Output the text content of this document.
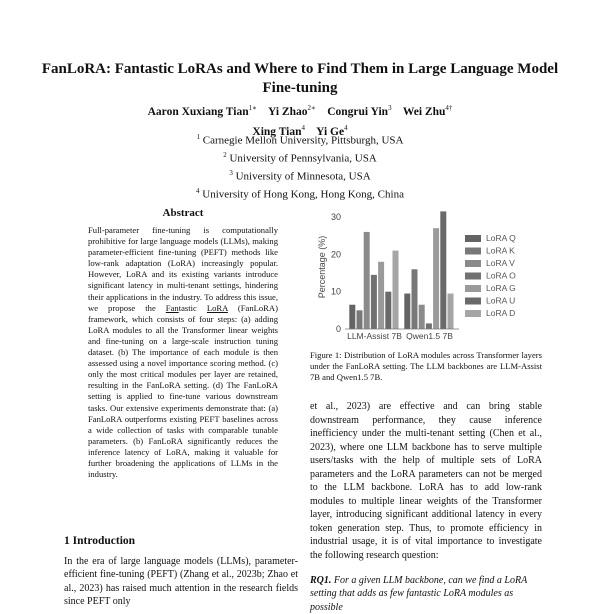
FanLoRA: Fantastic LoRAs and Where to Find Them in Large Language Model Fine-tuning
Aaron Xuxiang Tian$^{1∗}$ Yi Zhao$^{2∗}$ Congrui Yin$^3$ Wei Zhu$^{4\dagger}$
Xing Tian$^4$ Yi Ge$^4$
$^1$ Carnegie Mellon University, Pittsburgh, USA
$^2$ University of Pennsylvania, USA
$^3$ University of Minnesota, USA
$^4$ University of Hong Kong, Hong Kong, China
Abstract
Full-parameter fine-tuning is computationally prohibitive for large language models (LLMs), making parameter-efficient fine-tuning (PEFT) methods like low-rank adaptation (LoRA) increasingly popular. However, LoRA and its existing variants introduce significant latency in multi-tenant settings, hindering their applications in the industry. To address this issue, we propose the Fantastic LoRA (FanLoRA) framework, which consists of four steps: (a) adding LoRA modules to all the Transformer linear weights and fine-tuning on a large-scale instruction tuning dataset. (b) The importance of each module is then assessed using a novel importance scoring method. (c) only the most critical modules per layer are retained, resulting in the FanLoRA setting. (d) The FanLoRA setting is applied to fine-tune various downstream tasks. Our extensive experiments demonstrate that: (a) FanLoRA outperforms existing PEFT baselines across a wide collection of tasks with comparable tunable parameters. (b) FanLoRA significantly reduces the inference latency of LoRA, making it valuable for further broadening the applications of LLMs in the industry.
1 Introduction
In the era of large language models (LLMs), parameter-efficient fine-tuning (PEFT) (Zhang et al., 2023b; Zhao et al., 2023) has raised much attention in the research fields since PEFT only
Percentage (%)
0
10
20
30
LLM-Assist 7B Qwen1.5 7B
LoRA Q
LoRA K
LoRA V
LoRA O
LoRA G
LoRA U
LoRA D
Figure 1: Distribution of LoRA modules across Transformer layers under the FanLoRA setting. The LLM backbones are LLM-Assist 7B and Qwen1.5 7B.
et al., 2023) are effective and can bring stable downstream performance, they cause inference inefficiency under the multi-tenant setting (Chen et al., 2023), where one LLM backbone has to serve multiple users/tasks with the help of multiple sets of LoRA parameters and the LoRA parameters can not be merged to the LLM backbone. LoRA has to add low-rank modules to multiple linear weights of the Transformer layer, introducing significant additional latency in every token generation step. Thus, to promote efficiency in industrial usage, it is of vital importance to investigate the following research question:
RQ1. For a given LLM backbone, can we find a LoRA setting that adds as few fantastic LoRA modules as possible
